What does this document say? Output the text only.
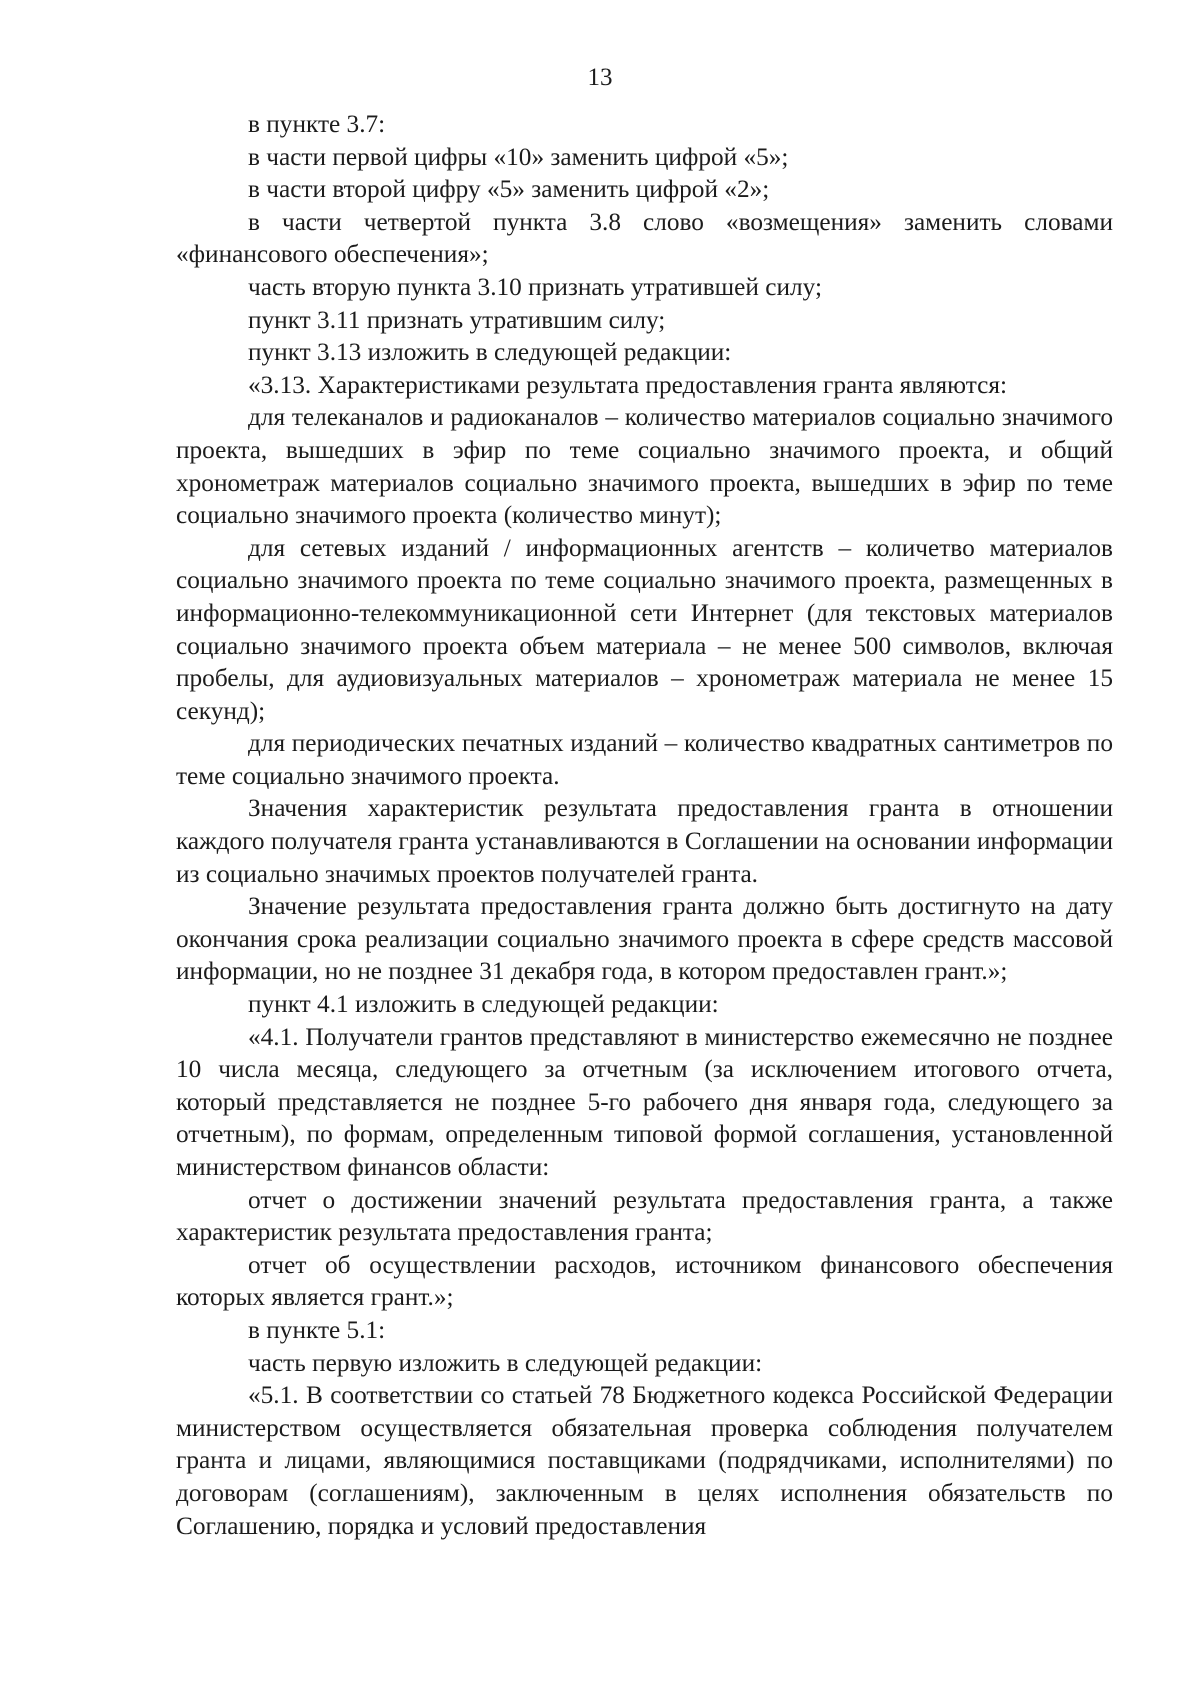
13

в пункте 3.7:

в части первой цифры «10» заменить цифрой «5»;

в части второй цифру «5» заменить цифрой «2»;

в части четвертой пункта 3.8 слово «возмещения» заменить словами «финансового обеспечения»;

часть вторую пункта 3.10 признать утратившей силу;

пункт 3.11 признать утратившим силу;

пункт 3.13 изложить в следующей редакции:

«3.13. Характеристиками результата предоставления гранта являются:

для телеканалов и радиоканалов – количество материалов социально значимого проекта, вышедших в эфир по теме социально значимого проекта, и общий хронометраж материалов социально значимого проекта, вышедших в эфир по теме социально значимого проекта (количество минут);

для сетевых изданий / информационных агентств – количетво материалов социально значимого проекта по теме социально значимого проекта, размещенных в информационно-телекоммуникационной сети Интернет (для текстовых материалов социально значимого проекта объем материала – не менее 500 символов, включая пробелы, для аудиовизуальных материалов – хронометраж материала не менее 15 секунд);

для периодических печатных изданий – количество квадратных сантиметров по теме социально значимого проекта.

Значения характеристик результата предоставления гранта в отношении каждого получателя гранта устанавливаются в Соглашении на основании информации из социально значимых проектов получателей гранта.

Значение результата предоставления гранта должно быть достигнуто на дату окончания срока реализации социально значимого проекта в сфере средств массовой информации, но не позднее 31 декабря года, в котором предоставлен грант.»;

пункт 4.1 изложить в следующей редакции:

«4.1. Получатели грантов представляют в министерство ежемесячно не позднее 10 числа месяца, следующего за отчетным (за исключением итогового отчета, который представляется не позднее 5-го рабочего дня января года, следующего за отчетным), по формам, определенным типовой формой соглашения, установленной министерством финансов области:

отчет о достижении значений результата предоставления гранта, а также характеристик результата предоставления гранта;

отчет об осуществлении расходов, источником финансового обеспечения которых является грант.»;

в пункте 5.1:

часть первую изложить в следующей редакции:

«5.1. В соответствии со статьей 78 Бюджетного кодекса Российской Федерации министерством осуществляется обязательная проверка соблюдения получателем гранта и лицами, являющимися поставщиками (подрядчиками, исполнителями) по договорам (соглашениям), заключенным в целях исполнения обязательств по Соглашению, порядка и условий предоставления
